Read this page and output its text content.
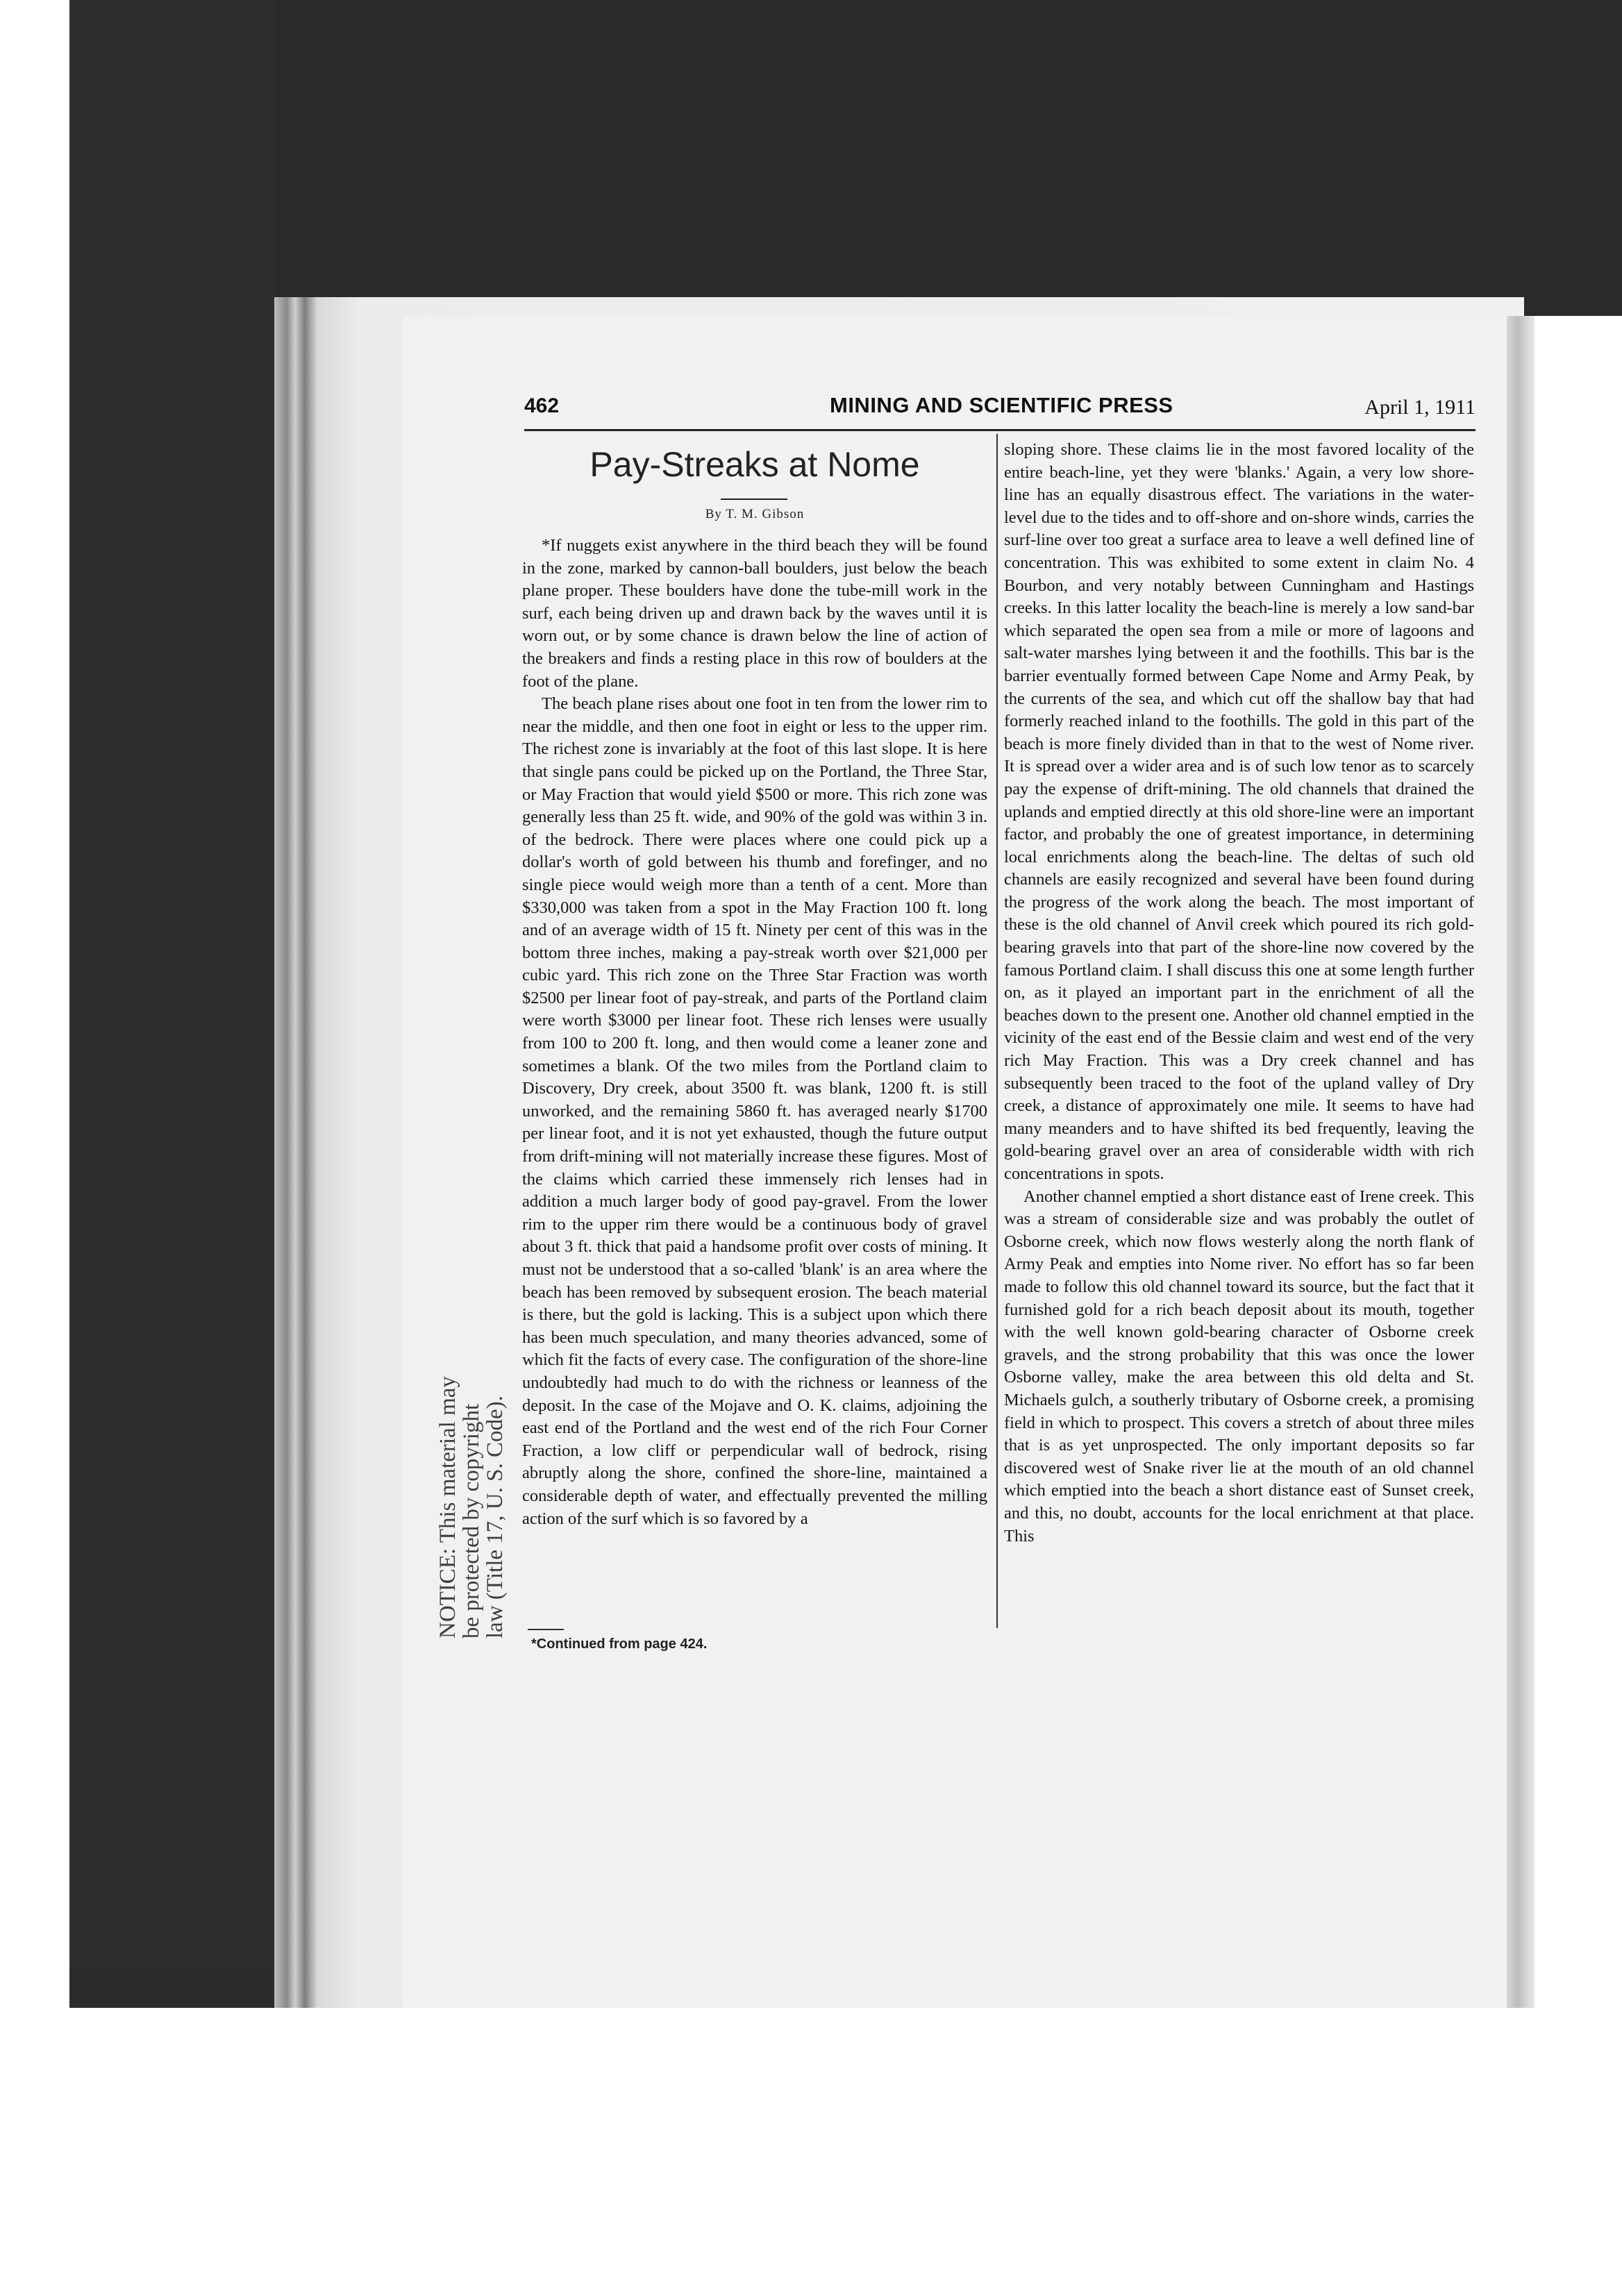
462	MINING AND SCIENTIFIC PRESS	April 1, 1911
Pay-Streaks at Nome
By T. M. Gibson

*If nuggets exist anywhere in the third beach they will be found in the zone, marked by cannon-ball boulders, just below the beach plane proper. These boulders have done the tube-mill work in the surf, each being driven up and drawn back by the waves until it is worn out, or by some chance is drawn below the line of action of the breakers and finds a resting place in this row of boulders at the foot of the plane.

The beach plane rises about one foot in ten from the lower rim to near the middle, and then one foot in eight or less to the upper rim. The richest zone is invariably at the foot of this last slope. It is here that single pans could be picked up on the Portland, the Three Star, or May Fraction that would yield $500 or more. This rich zone was generally less than 25 ft. wide, and 90% of the gold was within 3 in. of the bedrock. There were places where one could pick up a dollar's worth of gold between his thumb and forefinger, and no single piece would weigh more than a tenth of a cent. More than $330,000 was taken from a spot in the May Fraction 100 ft. long and of an average width of 15 ft. Ninety per cent of this was in the bottom three inches, making a pay-streak worth over $21,000 per cubic yard. This rich zone on the Three Star Fraction was worth $2500 per linear foot of pay-streak, and parts of the Portland claim were worth $3000 per linear foot. These rich lenses were usually from 100 to 200 ft. long, and then would come a leaner zone and sometimes a blank. Of the two miles from the Portland claim to Discovery, Dry creek, about 3500 ft. was blank, 1200 ft. is still unworked, and the remaining 5860 ft. has averaged nearly $1700 per linear foot, and it is not yet exhausted, though the future output from drift-mining will not materially increase these figures. Most of the claims which carried these immensely rich lenses had in addition a much larger body of good pay-gravel. From the lower rim to the upper rim there would be a continuous body of gravel about 3 ft. thick that paid a handsome profit over costs of mining. It must not be understood that a so-called 'blank' is an area where the beach has been removed by subsequent erosion. The beach material is there, but the gold is lacking. This is a subject upon which there has been much speculation, and many theories advanced, some of which fit the facts of every case. The configuration of the shore-line undoubtedly had much to do with the richness or leanness of the deposit. In the case of the Mojave and O. K. claims, adjoining the east end of the Portland and the west end of the rich Four Corner Fraction, a low cliff or perpendicular wall of bedrock, rising abruptly along the shore, confined the shore-line, maintained a considerable depth of water, and effectually prevented the milling action of the surf which is so favored by a

sloping shore. These claims lie in the most favored locality of the entire beach-line, yet they were 'blanks.' Again, a very low shore-line has an equally disastrous effect. The variations in the water-level due to the tides and to off-shore and on-shore winds, carries the surf-line over too great a surface area to leave a well defined line of concentration. This was exhibited to some extent in claim No. 4 Bourbon, and very notably between Cunningham and Hastings creeks. In this latter locality the beach-line is merely a low sand-bar which separated the open sea from a mile or more of lagoons and salt-water marshes lying between it and the foothills. This bar is the barrier eventually formed between Cape Nome and Army Peak, by the currents of the sea, and which cut off the shallow bay that had formerly reached inland to the foothills. The gold in this part of the beach is more finely divided than in that to the west of Nome river. It is spread over a wider area and is of such low tenor as to scarcely pay the expense of drift-mining. The old channels that drained the uplands and emptied directly at this old shore-line were an important factor, and probably the one of greatest importance, in determining local enrichments along the beach-line. The deltas of such old channels are easily recognized and several have been found during the progress of the work along the beach. The most important of these is the old channel of Anvil creek which poured its rich gold-bearing gravels into that part of the shore-line now covered by the famous Portland claim. I shall discuss this one at some length further on, as it played an important part in the enrichment of all the beaches down to the present one. Another old channel emptied in the vicinity of the east end of the Bessie claim and west end of the very rich May Fraction. This was a Dry creek channel and has subsequently been traced to the foot of the upland valley of Dry creek, a distance of approximately one mile. It seems to have had many meanders and to have shifted its bed frequently, leaving the gold-bearing gravel over an area of considerable width with rich concentrations in spots.

Another channel emptied a short distance east of Irene creek. This was a stream of considerable size and was probably the outlet of Osborne creek, which now flows westerly along the north flank of Army Peak and empties into Nome river. No effort has so far been made to follow this old channel toward its source, but the fact that it furnished gold for a rich beach deposit about its mouth, together with the well known gold-bearing character of Osborne creek gravels, and the strong probability that this was once the lower Osborne valley, make the area between this old delta and St. Michaels gulch, a southerly tributary of Osborne creek, a promising field in which to prospect. This covers a stretch of about three miles that is as yet unprospected. The only important deposits so far discovered west of Snake river lie at the mouth of an old channel which emptied into the beach a short distance east of Sunset creek, and this, no doubt, accounts for the local enrichment at that place. This

*Continued from page 424.
NOTICE: This material may
be protected by copyright
law (Title 17, U. S. Code).
